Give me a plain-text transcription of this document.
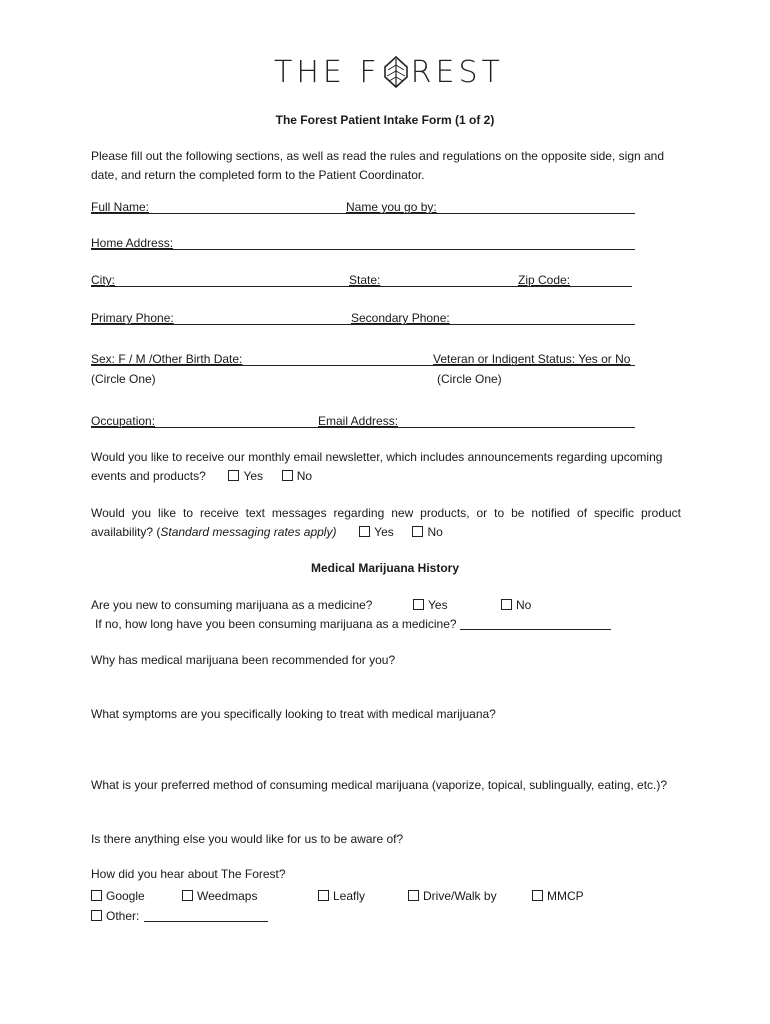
THE F REST
The Forest Patient Intake Form (1 of 2)
Please fill out the following sections, as well as read the rules and regulations on the opposite side, sign and date, and return the completed form to the Patient Coordinator.
Full Name:	Name you go by:
Home Address:
City:	State:	Zip Code:
Primary Phone:	Secondary Phone:
Sex: F / M /Other Birth Date:	Veteran or Indigent Status: Yes or No
(Circle One)	(Circle One)
Occupation:	Email Address:
Would you like to receive our monthly email newsletter, which includes announcements regarding upcoming
events and products?	Yes	No
Would you like to receive text messages regarding new products, or to be notified of specific product
availability? (Standard messaging rates apply)	Yes	No
Medical Marijuana History
Are you new to consuming marijuana as a medicine?	Yes	No
If no, how long have you been consuming marijuana as a medicine?
Why has medical marijuana been recommended for you?
What symptoms are you specifically looking to treat with medical marijuana?
What is your preferred method of consuming medical marijuana (vaporize, topical, sublingually, eating, etc.)?
Is there anything else you would like for us to be aware of?
How did you hear about The Forest?
Google	Weedmaps	Leafly	Drive/Walk by	MMCP
Other:
